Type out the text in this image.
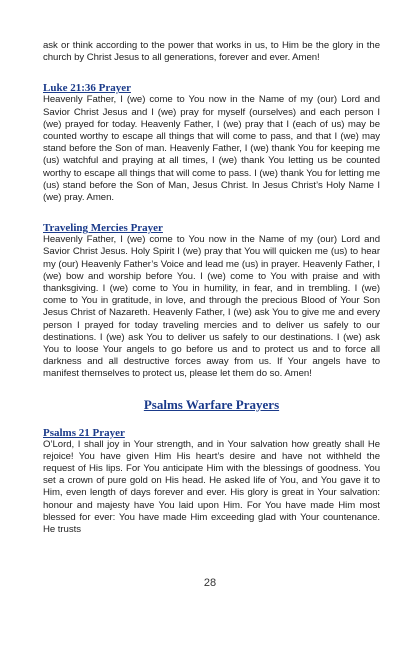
ask or think according to the power that works in us, to Him be the glory in the church by Christ Jesus to all generations, forever and ever. Amen!

Luke 21:36 Prayer

Heavenly Father, I (we) come to You now in the Name of my (our) Lord and Savior Christ Jesus and I (we) pray for myself (ourselves) and each person I (we) prayed for today. Heavenly Father, I (we) pray that I (each of us) may be counted worthy to escape all things that will come to pass, and that I (we) may stand before the Son of man. Heavenly Father, I (we) thank You for keeping me (us) watchful and praying at all times, I (we) thank You letting us be counted worthy to escape all things that will come to pass. I (we) thank You for letting me (us) stand before the Son of Man, Jesus Christ. In Jesus Christ’s Holy Name I (we) pray. Amen.

Traveling Mercies Prayer

Heavenly Father, I (we) come to You now in the Name of my (our) Lord and Savior Christ Jesus. Holy Spirit I (we) pray that You will quicken me (us) to hear my (our) Heavenly Father’s Voice and lead me (us) in prayer. Heavenly Father, I (we) bow and worship before You. I (we) come to You with praise and with thanksgiving. I (we) come to You in humility, in fear, and in trembling. I (we) come to You in gratitude, in love, and through the precious Blood of Your Son Jesus Christ of Nazareth. Heavenly Father, I (we) ask You to give me and every person I prayed for today traveling mercies and to deliver us safely to our destinations. I (we) ask You to deliver us safely to our destinations. I (we) ask You to loose Your angels to go before us and to protect us and to force all darkness and all destructive forces away from us. If Your angels have to manifest themselves to protect us, please let them do so. Amen!

Psalms Warfare Prayers

Psalms 21 Prayer

O’Lord, I shall joy in Your strength, and in Your salvation how greatly shall He rejoice! You have given Him His heart’s desire and have not withheld the request of His lips. For You anticipate Him with the blessings of goodness. You set a crown of pure gold on His head. He asked life of You, and You gave it to Him, even length of days forever and ever. His glory is great in Your salvation: honour and majesty have You laid upon Him. For You have made Him most blessed for ever: You have made Him exceeding glad with Your countenance. He trusts

28
